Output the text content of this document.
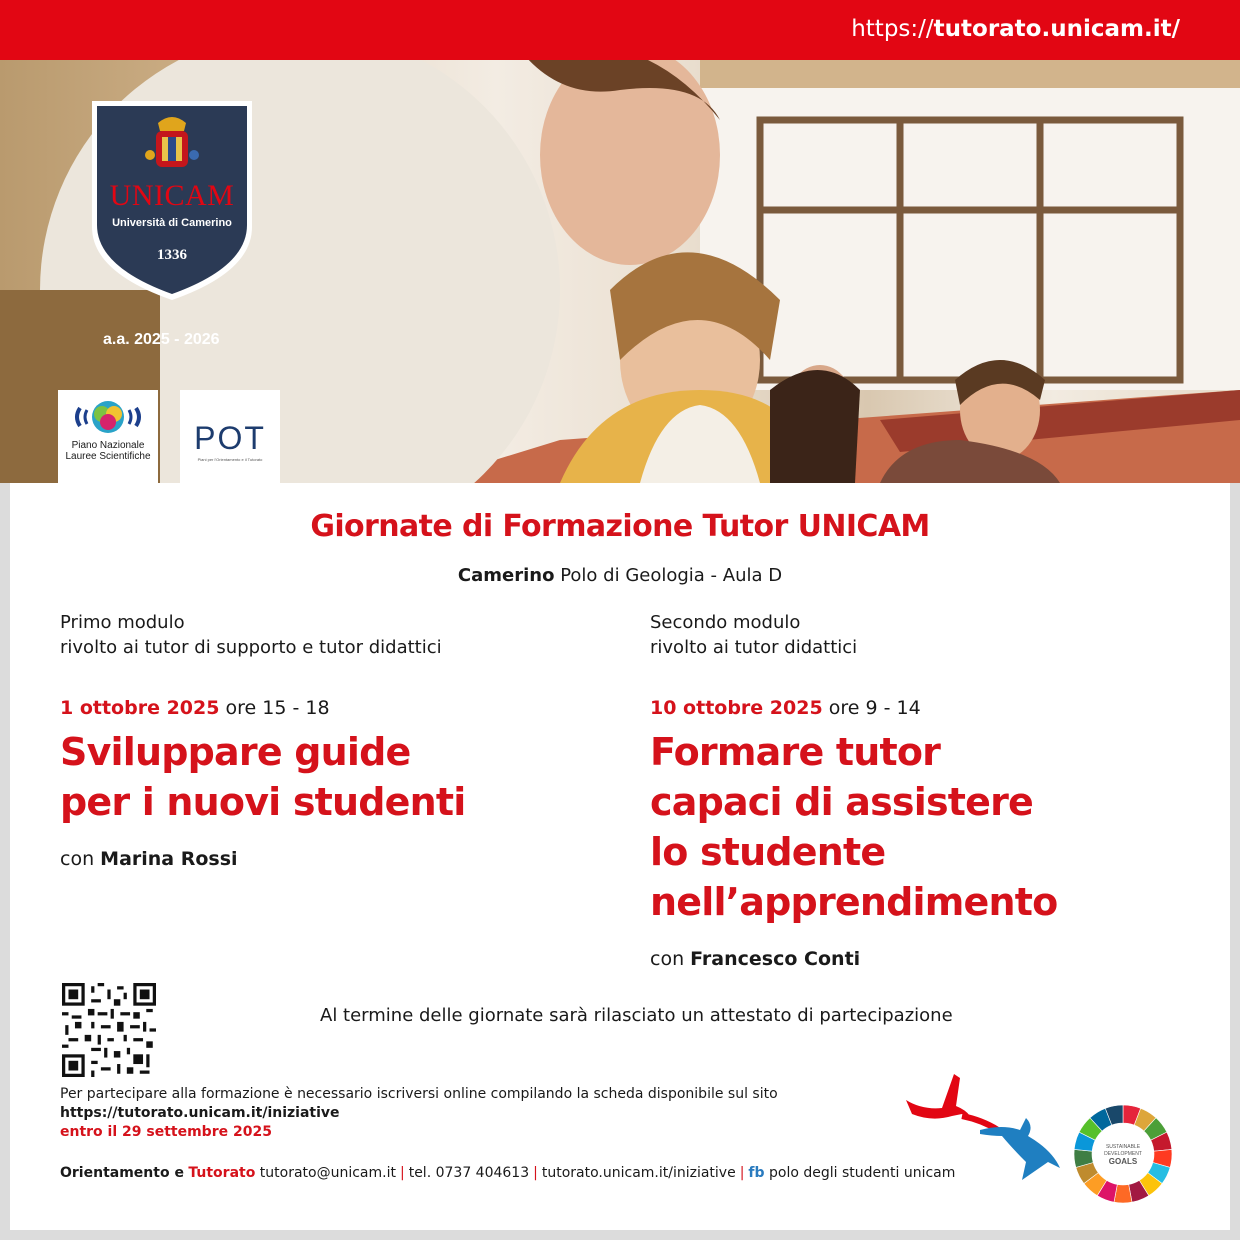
https://tutorato.unicam.it/
UNICAM
Università di Camerino
1336
a.a. 2025 - 2026
Piano Nazionale
Lauree Scientifiche
POT
Piani per l'Orientamento e il Tutorato
Giornate di Formazione Tutor UNICAM
Camerino Polo di Geologia - Aula D
Primo modulo
rivolto ai tutor di supporto e tutor didattici
1 ottobre 2025 ore 15 - 18
Sviluppare guide
per i nuovi studenti
con Marina Rossi
Secondo modulo
rivolto ai tutor didattici
10 ottobre 2025 ore 9 - 14
Formare tutor
capaci di assistere
lo studente
nell’apprendimento
con Francesco Conti
Al termine delle giornate sarà rilasciato un attestato di partecipazione
Per partecipare alla formazione è necessario iscriversi online compilando la scheda disponibile sul sito
https://tutorato.unicam.it/iniziative
entro il 29 settembre 2025
Orientamento e Tutorato tutorato@unicam.it | tel. 0737 404613 | tutorato.unicam.it/iniziative | fb polo degli studenti unicam
SUSTAINABLE
DEVELOPMENT
GOALS
